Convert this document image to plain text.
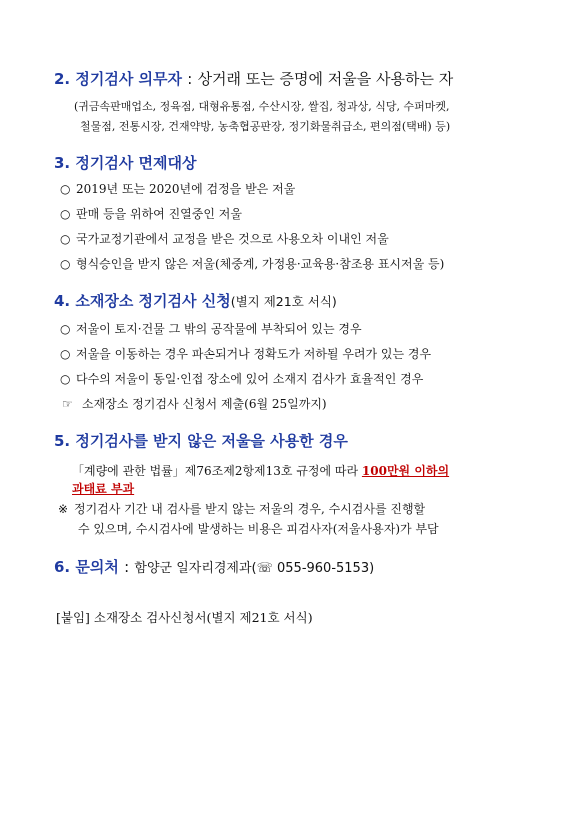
2. 정기검사 의무자 : 상거래 또는 증명에 저울을 사용하는 자
(귀금속판매업소, 정육점, 대형유통점, 수산시장, 쌀집, 청과상, 식당, 수퍼마켓,
철물점, 전통시장, 건재약방, 농축협공판장, 정기화물취급소, 편의점(택배) 등)
3. 정기검사 면제대상
○ 2019년 또는 2020년에 검정을 받은 저울
○ 판매 등을 위하여 진열중인 저울
○ 국가교정기관에서 교정을 받은 것으로 사용오차 이내인 저울
○ 형식승인을 받지 않은 저울(체중계, 가정용·교육용·참조용 표시저울 등)
4. 소재장소 정기검사 신청(별지 제21호 서식)
○ 저울이 토지·건물 그 밖의 공작물에 부착되어 있는 경우
○ 저울을 이동하는 경우 파손되거나 정확도가 저하될 우려가 있는 경우
○ 다수의 저울이 동일·인접 장소에 있어 소재지 검사가 효율적인 경우
☞ 소재장소 정기검사 신청서 제출(6월 25일까지)
5. 정기검사를 받지 않은 저울을 사용한 경우
「계량에 관한 법률」제76조제2항제13호 규정에 따라 100만원 이하의
과태료 부과
※ 정기검사 기간 내 검사를 받지 않는 저울의 경우, 수시검사를 진행할
수 있으며, 수시검사에 발생하는 비용은 피검사자(저울사용자)가 부담
6. 문의처 : 함양군 일자리경제과(☏ 055-960-5153)
[붙임] 소재장소 검사신청서(별지 제21호 서식)
